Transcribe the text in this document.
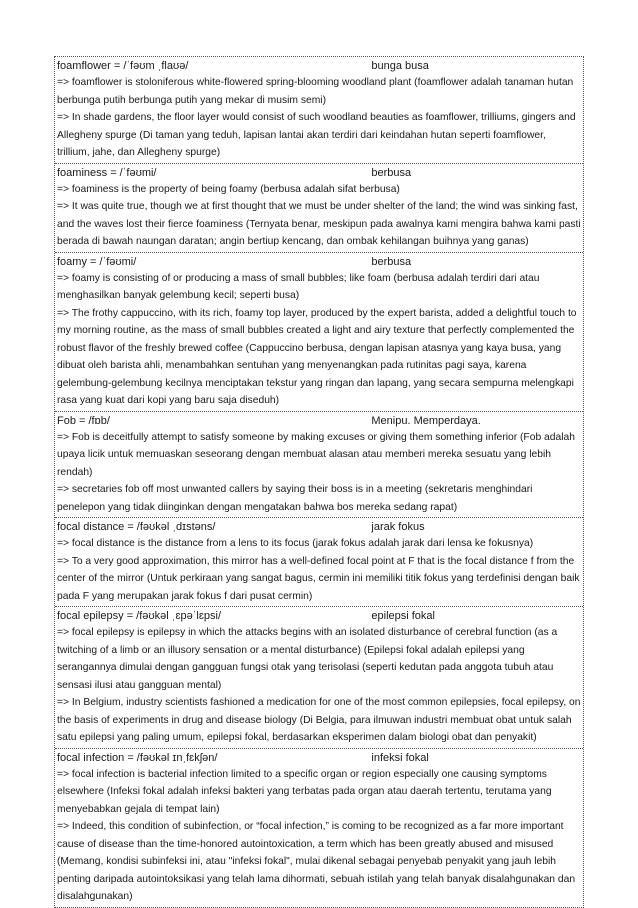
foamflower = /ˈfəʊm ˌflaʊə/	bunga busa

=> foamflower is stoloniferous white-flowered spring-blooming woodland plant (foamflower adalah tanaman hutan berbunga putih berbunga putih yang mekar di musim semi)

=> In shade gardens, the floor layer would consist of such woodland beauties as foamflower, trilliums, gingers and Allegheny spurge (Di taman yang teduh, lapisan lantai akan terdiri dari keindahan hutan seperti foamflower, trillium, jahe, dan Allegheny spurge)

foaminess = /ˈfəʊmi/	berbusa

=> foaminess is the property of being foamy (berbusa adalah sifat berbusa)

=> It was quite true, though we at first thought that we must be under shelter of the land; the wind was sinking fast, and the waves lost their fierce foaminess (Ternyata benar, meskipun pada awalnya kami mengira bahwa kami pasti berada di bawah naungan daratan; angin bertiup kencang, dan ombak kehilangan buihnya yang ganas)

foamy = /ˈfəʊmi/	berbusa

=> foamy is consisting of or producing a mass of small bubbles; like foam (berbusa adalah terdiri dari atau menghasilkan banyak gelembung kecil; seperti busa)

=> The frothy cappuccino, with its rich, foamy top layer, produced by the expert barista, added a delightful touch to my morning routine, as the mass of small bubbles created a light and airy texture that perfectly complemented the robust flavor of the freshly brewed coffee (Cappuccino berbusa, dengan lapisan atasnya yang kaya busa, yang dibuat oleh barista ahli, menambahkan sentuhan yang menyenangkan pada rutinitas pagi saya, karena gelembung-gelembung kecilnya menciptakan tekstur yang ringan dan lapang, yang secara sempurna melengkapi rasa yang kuat dari kopi yang baru saja diseduh)

Fob = /fɒb/	Menipu. Memperdaya.

=> Fob is deceitfully attempt to satisfy someone by making excuses or giving them something inferior (Fob adalah upaya licik untuk memuaskan seseorang dengan membuat alasan atau memberi mereka sesuatu yang lebih rendah)

=> secretaries fob off most unwanted callers by saying their boss is in a meeting (sekretaris menghindari penelepon yang tidak diinginkan dengan mengatakan bahwa bos mereka sedang rapat)

focal distance = /fəʊkəl ˌdɪstəns/	jarak fokus

=> focal distance is the distance from a lens to its focus (jarak fokus adalah jarak dari lensa ke fokusnya)

=> To a very good approximation, this mirror has a well-defined focal point at F that is the focal distance f from the center of the mirror (Untuk perkiraan yang sangat bagus, cermin ini memiliki titik fokus yang terdefinisi dengan baik pada F yang merupakan jarak fokus f dari pusat cermin)

focal epilepsy = /fəʊkəl ˌɛpəˈlɛpsi/	epilepsi fokal

=> focal epilepsy is epilepsy in which the attacks begins with an isolated disturbance of cerebral function (as a twitching of a limb or an illusory sensation or a mental disturbance) (Epilepsi fokal adalah epilepsi yang serangannya dimulai dengan gangguan fungsi otak yang terisolasi (seperti kedutan pada anggota tubuh atau sensasi ilusi atau gangguan mental)

=> In Belgium, industry scientists fashioned a medication for one of the most common epilepsies, focal epilepsy, on the basis of experiments in drug and disease biology (Di Belgia, para ilmuwan industri membuat obat untuk salah satu epilepsi yang paling umum, epilepsi fokal, berdasarkan eksperimen dalam biologi obat dan penyakit)

focal infection = /fəʊkəl ɪnˌfɛkʃən/	infeksi fokal

=> focal infection is bacterial infection limited to a specific organ or region especially one causing symptoms elsewhere (Infeksi fokal adalah infeksi bakteri yang terbatas pada organ atau daerah tertentu, terutama yang menyebabkan gejala di tempat lain)

=> Indeed, this condition of subinfection, or “focal infection,” is coming to be recognized as a far more important cause of disease than the time-honored autointoxication, a term which has been greatly abused and misused (Memang, kondisi subinfeksi ini, atau "infeksi fokal", mulai dikenal sebagai penyebab penyakit yang jauh lebih penting daripada autointoksikasi yang telah lama dihormati, sebuah istilah yang telah banyak disalahgunakan dan disalahgunakan)
